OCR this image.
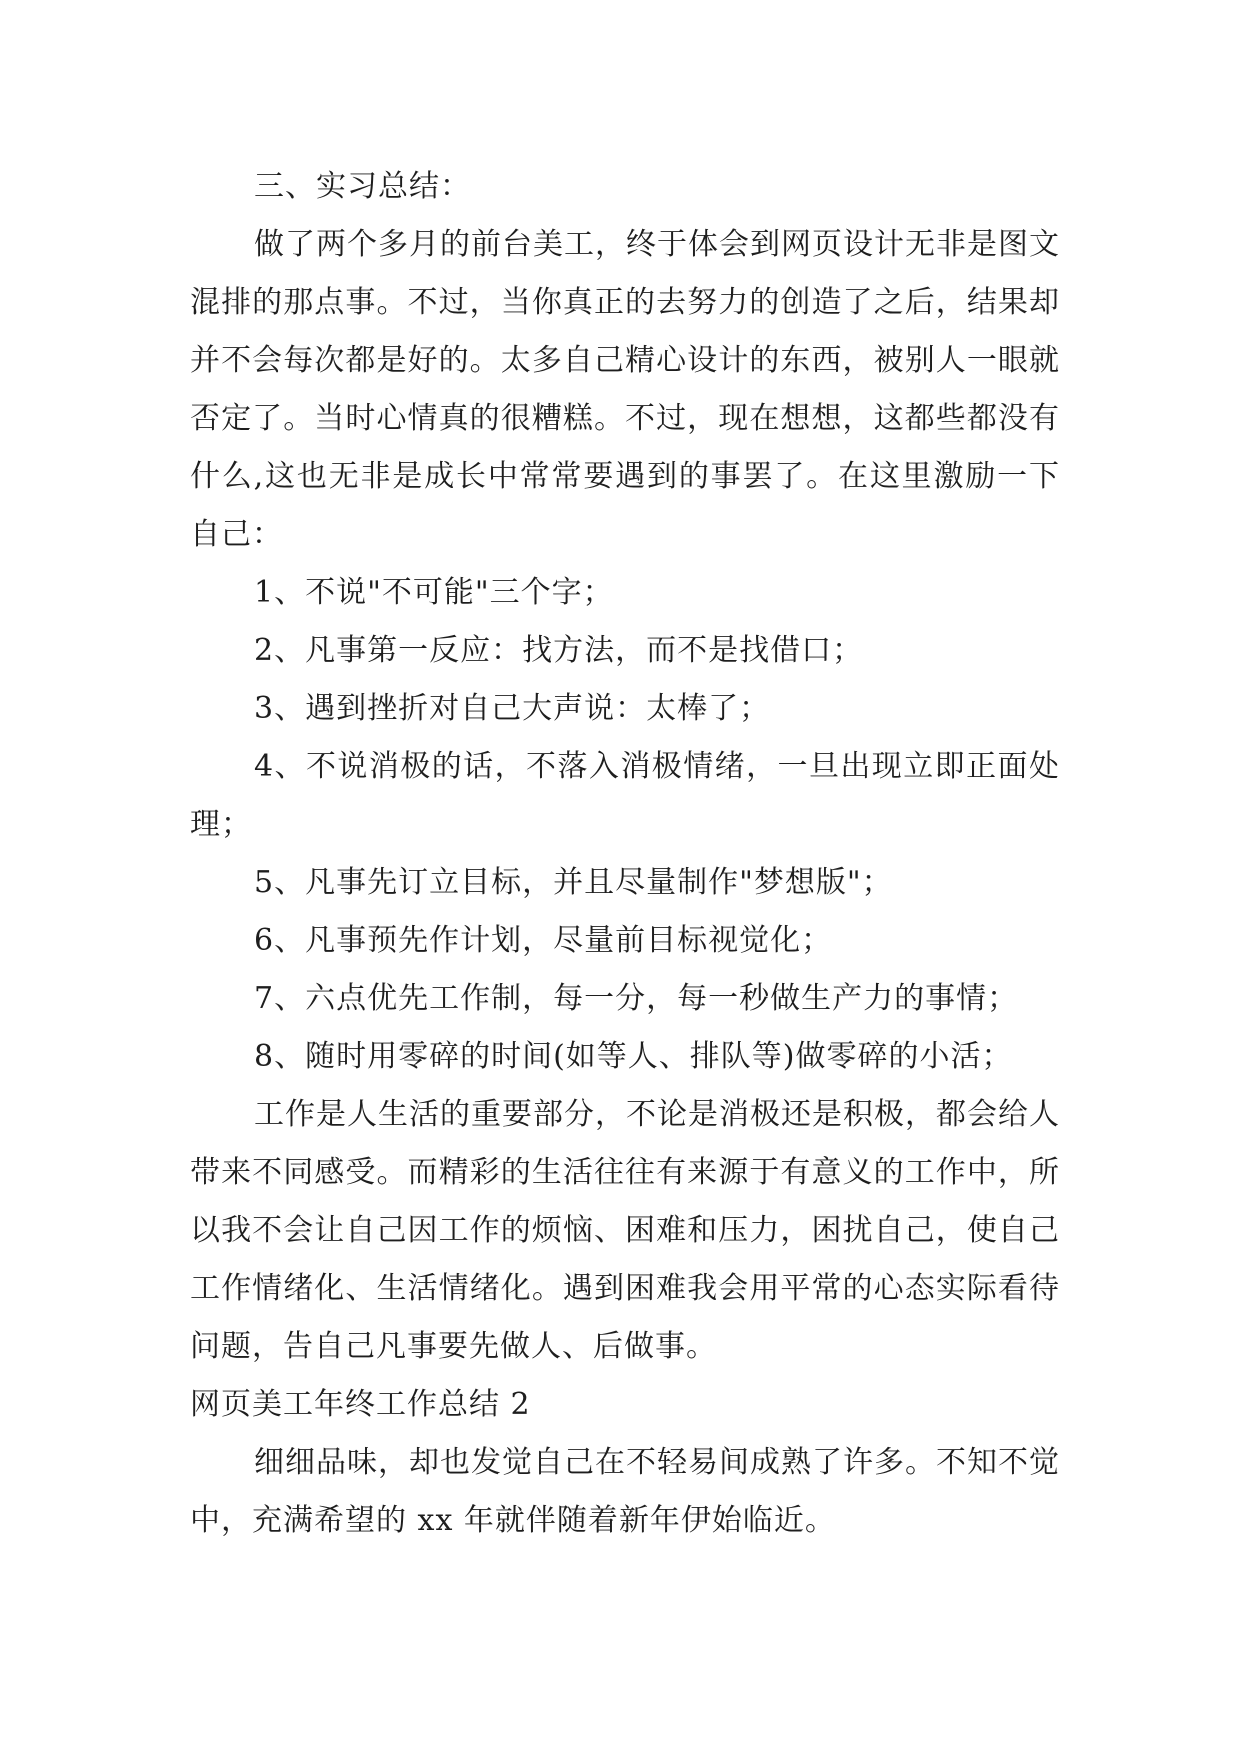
三、实习总结：

做了两个多月的前台美工，终于体会到网页设计无非是图文混排的那点事。不过，当你真正的去努力的创造了之后，结果却并不会每次都是好的。太多自己精心设计的东西，被别人一眼就否定了。当时心情真的很糟糕。不过，现在想想，这都些都没有什么,这也无非是成长中常常要遇到的事罢了。在这里激励一下自己：

1、不说"不可能"三个字；

2、凡事第一反应：找方法，而不是找借口；

3、遇到挫折对自己大声说：太棒了；

4、不说消极的话，不落入消极情绪，一旦出现立即正面处理；

5、凡事先订立目标，并且尽量制作"梦想版"；

6、凡事预先作计划，尽量前目标视觉化；

7、六点优先工作制，每一分，每一秒做生产力的事情；

8、随时用零碎的时间(如等人、排队等)做零碎的小活；

工作是人生活的重要部分，不论是消极还是积极，都会给人带来不同感受。而精彩的生活往往有来源于有意义的工作中，所以我不会让自己因工作的烦恼、困难和压力，困扰自己，使自己工作情绪化、生活情绪化。遇到困难我会用平常的心态实际看待问题，告自己凡事要先做人、后做事。

网页美工年终工作总结 2

细细品味，却也发觉自己在不轻易间成熟了许多。不知不觉中，充满希望的 xx 年就伴随着新年伊始临近。
